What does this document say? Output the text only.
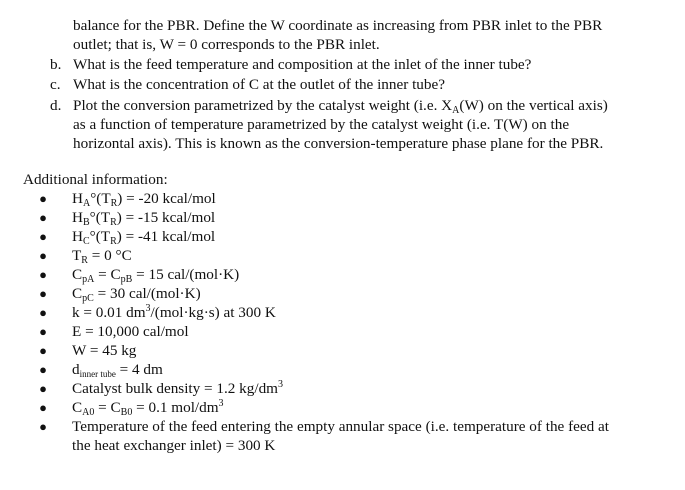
balance for the PBR. Define the W coordinate as increasing from PBR inlet to the PBR
outlet; that is, W = 0 corresponds to the PBR inlet.
b. What is the feed temperature and composition at the inlet of the inner tube?
c. What is the concentration of C at the outlet of the inner tube?
d. Plot the conversion parametrized by the catalyst weight (i.e. $X_A(W)$ on the vertical axis)
as a function of temperature parametrized by the catalyst weight (i.e. T(W) on the
horizontal axis). This is known as the conversion-temperature phase plane for the PBR.
Additional information:
● $H_A^\circ(T_R) = -20$ kcal/mol
● $H_B^\circ(T_R) = -15$ kcal/mol
● $H_C^\circ(T_R) = -41$ kcal/mol
● $T_R = 0$ °C
● $C_{pA} = C_{pB} = 15$ cal/(mol·K)
● $C_{pC} = 30$ cal/(mol·K)
● k = 0.01 $dm^3/(mol\cdot kg\cdot s)$ at 300 K
● E = 10,000 cal/mol
● W = 45 kg
● dinner tube = 4 dm
● Catalyst bulk density = 1.2 $kg/dm^3$
● $C_{A0} = C_{B0} = 0.1$ mol/$dm^3$
● Temperature of the feed entering the empty annular space (i.e. temperature of the feed at
the heat exchanger inlet) = 300 K
